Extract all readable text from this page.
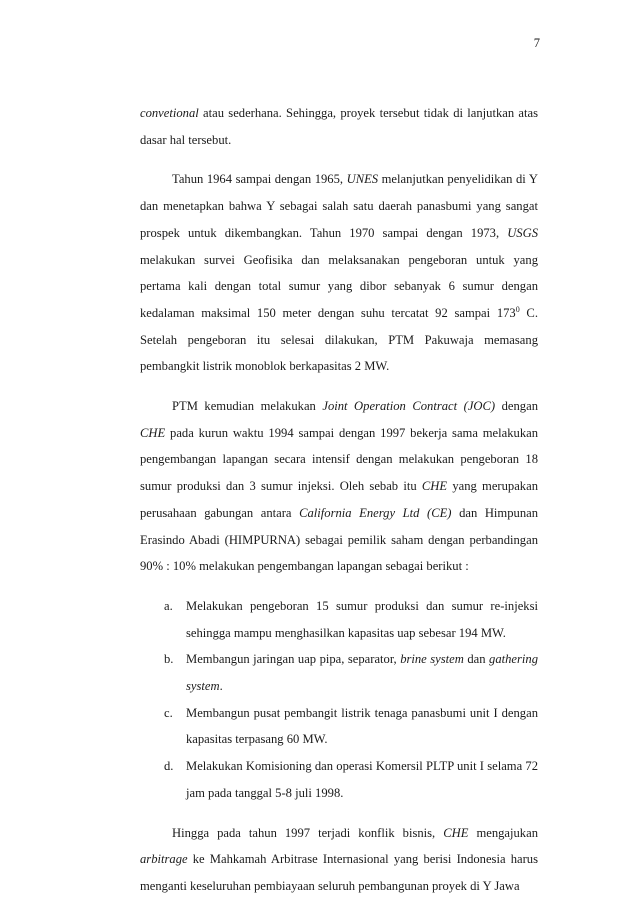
7

convetional atau sederhana. Sehingga, proyek tersebut tidak di lanjutkan atas dasar hal tersebut.

Tahun 1964 sampai dengan 1965, UNES melanjutkan penyelidikan di Y dan menetapkan bahwa Y sebagai salah satu daerah panasbumi yang sangat prospek untuk dikembangkan. Tahun 1970 sampai dengan 1973, USGS melakukan survei Geofisika dan melaksanakan pengeboran untuk yang pertama kali dengan total sumur yang dibor sebanyak 6 sumur dengan kedalaman maksimal 150 meter dengan suhu tercatat 92 sampai $173^0$ C. Setelah pengeboran itu selesai dilakukan, PTM Pakuwaja memasang pembangkit listrik monoblok berkapasitas 2 MW.

PTM kemudian melakukan Joint Operation Contract (JOC) dengan CHE pada kurun waktu 1994 sampai dengan 1997 bekerja sama melakukan pengembangan lapangan secara intensif dengan melakukan pengeboran 18 sumur produksi dan 3 sumur injeksi. Oleh sebab itu CHE yang merupakan perusahaan gabungan antara California Energy Ltd (CE) dan Himpunan Erasindo Abadi (HIMPURNA) sebagai pemilik saham dengan perbandingan 90% : 10% melakukan pengembangan lapangan sebagai berikut :

a. Melakukan pengeboran 15 sumur produksi dan sumur re-injeksi sehingga mampu menghasilkan kapasitas uap sebesar 194 MW.
b. Membangun jaringan uap pipa, separator, brine system dan gathering system.
c. Membangun pusat pembangit listrik tenaga panasbumi unit I dengan kapasitas terpasang 60 MW.
d. Melakukan Komisioning dan operasi Komersil PLTP unit I selama 72 jam pada tanggal 5-8 juli 1998.

Hingga pada tahun 1997 terjadi konflik bisnis, CHE mengajukan arbitrage ke Mahkamah Arbitrase Internasional yang berisi Indonesia harus menganti keseluruhan pembiayaan seluruh pembangunan proyek di Y Jawa
